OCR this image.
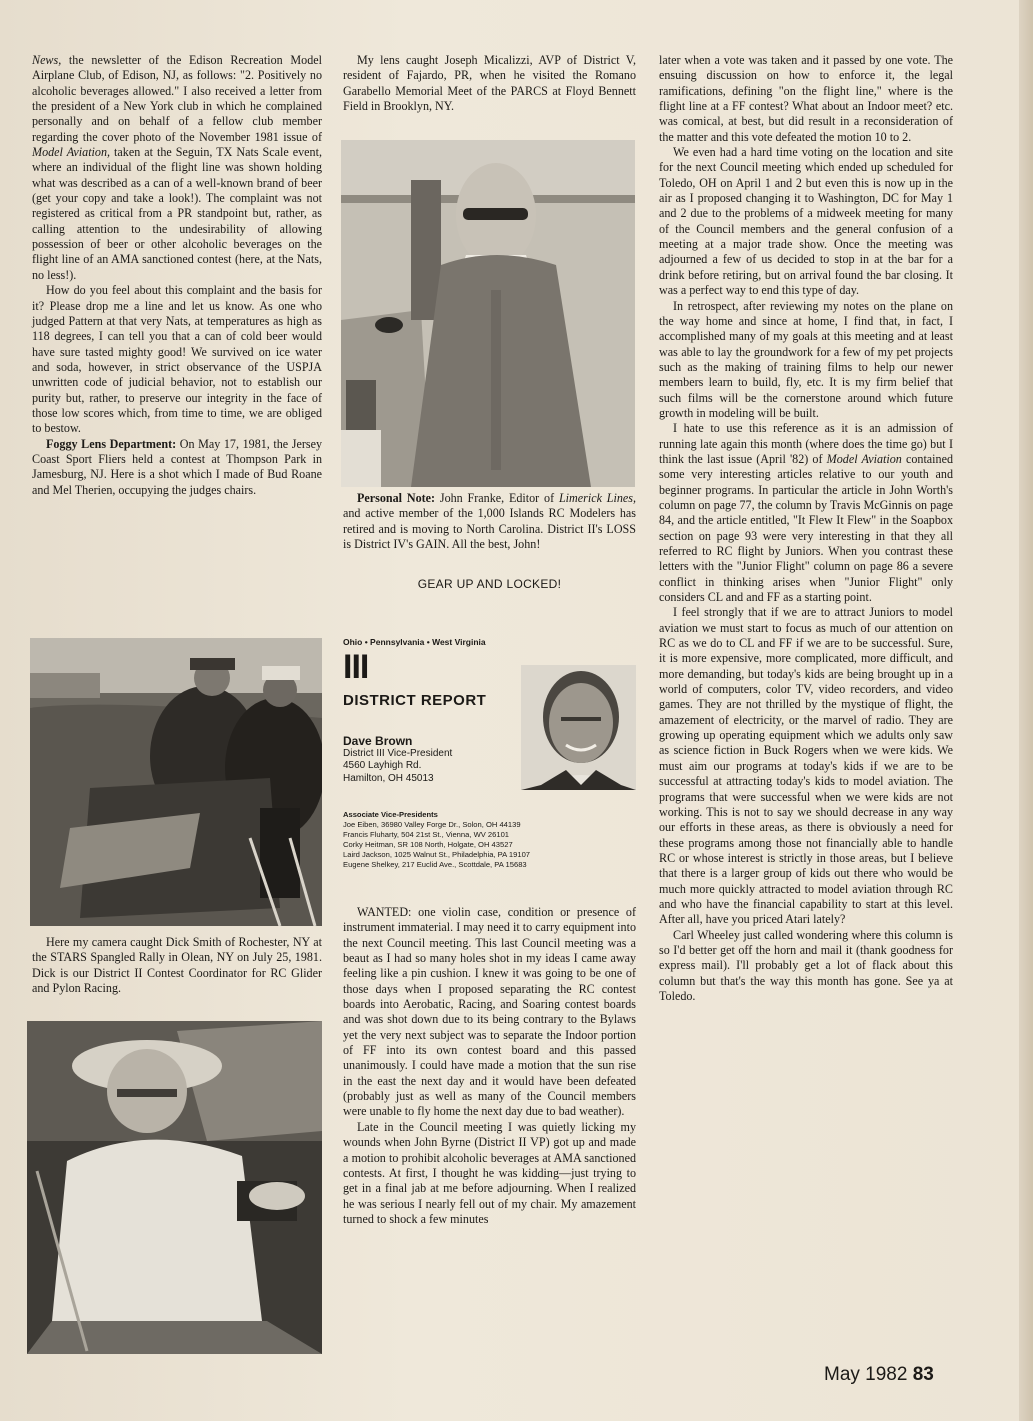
News, the newsletter of the Edison Recreation Model Airplane Club, of Edison, NJ, as follows: "2. Positively no alcoholic beverages allowed." I also received a letter from the president of a New York club in which he complained personally and on behalf of a fellow club member regarding the cover photo of the November 1981 issue of Model Aviation, taken at the Seguin, TX Nats Scale event, where an individual of the flight line was shown holding what was described as a can of a well-known brand of beer (get your copy and take a look!). The complaint was not registered as critical from a PR standpoint but, rather, as calling attention to the undesirability of allowing possession of beer or other alcoholic beverages on the flight line of an AMA sanctioned contest (here, at the Nats, no less!).

How do you feel about this complaint and the basis for it? Please drop me a line and let us know. As one who judged Pattern at that very Nats, at temperatures as high as 118 degrees, I can tell you that a can of cold beer would have sure tasted mighty good! We survived on ice water and soda, however, in strict observance of the USPJA unwritten code of judicial behavior, not to establish our purity but, rather, to preserve our integrity in the face of those low scores which, from time to time, we are obliged to bestow.

Foggy Lens Department: On May 17, 1981, the Jersey Coast Sport Fliers held a contest at Thompson Park in Jamesburg, NJ. Here is a shot which I made of Bud Roane and Mel Therien, occupying the judges chairs.

Here my camera caught Dick Smith of Rochester, NY at the STARS Spangled Rally in Olean, NY on July 25, 1981. Dick is our District II Contest Coordinator for RC Glider and Pylon Racing.

My lens caught Joseph Micalizzi, AVP of District V, resident of Fajardo, PR, when he visited the Romano Garabello Memorial Meet of the PARCS at Floyd Bennett Field in Brooklyn, NY.

Personal Note: John Franke, Editor of Limerick Lines, and active member of the 1,000 Islands RC Modelers has retired and is moving to North Carolina. District II's LOSS is District IV's GAIN. All the best, John!

GEAR UP AND LOCKED!
Ohio • Pennsylvania • West Virginia
III
DISTRICT REPORT
Dave Brown
District III Vice-President
4560 Layhigh Rd.
Hamilton, OH 45013
Associate Vice-Presidents
Joe Eiben, 36980 Valley Forge Dr., Solon, OH 44139
Francis Fluharty, 504 21st St., Vienna, WV 26101
Corky Heitman, SR 108 North, Holgate, OH 43527
Laird Jackson, 1025 Walnut St., Philadelphia, PA 19107
Eugene Shelkey, 217 Euclid Ave., Scottdale, PA 15683

WANTED: one violin case, condition or presence of instrument immaterial. I may need it to carry equipment into the next Council meeting. This last Council meeting was a beaut as I had so many holes shot in my ideas I came away feeling like a pin cushion. I knew it was going to be one of those days when I proposed separating the RC contest boards into Aerobatic, Racing, and Soaring contest boards and was shot down due to its being contrary to the Bylaws yet the very next subject was to separate the Indoor portion of FF into its own contest board and this passed unanimously. I could have made a motion that the sun rise in the east the next day and it would have been defeated (probably just as well as many of the Council members were unable to fly home the next day due to bad weather).

Late in the Council meeting I was quietly licking my wounds when John Byrne (District II VP) got up and made a motion to prohibit alcoholic beverages at AMA sanctioned contests. At first, I thought he was kidding—just trying to get in a final jab at me before adjourning. When I realized he was serious I nearly fell out of my chair. My amazement turned to shock a few minutes

later when a vote was taken and it passed by one vote. The ensuing discussion on how to enforce it, the legal ramifications, defining "on the flight line," where is the flight line at a FF contest? What about an Indoor meet? etc. was comical, at best, but did result in a reconsideration of the matter and this vote defeated the motion 10 to 2.

We even had a hard time voting on the location and site for the next Council meeting which ended up scheduled for Toledo, OH on April 1 and 2 but even this is now up in the air as I proposed changing it to Washington, DC for May 1 and 2 due to the problems of a midweek meeting for many of the Council members and the general confusion of a meeting at a major trade show. Once the meeting was adjourned a few of us decided to stop in at the bar for a drink before retiring, but on arrival found the bar closing. It was a perfect way to end this type of day.

In retrospect, after reviewing my notes on the plane on the way home and since at home, I find that, in fact, I accomplished many of my goals at this meeting and at least was able to lay the groundwork for a few of my pet projects such as the making of training films to help our newer members learn to build, fly, etc. It is my firm belief that such films will be the cornerstone around which future growth in modeling will be built.

I hate to use this reference as it is an admission of running late again this month (where does the time go) but I think the last issue (April '82) of Model Aviation contained some very interesting articles relative to our youth and beginner programs. In particular the article in John Worth's column on page 77, the column by Travis McGinnis on page 84, and the article entitled, "It Flew It Flew" in the Soapbox section on page 93 were very interesting in that they all referred to RC flight by Juniors. When you contrast these letters with the "Junior Flight" column on page 86 a severe conflict in thinking arises when "Junior Flight" only considers CL and and FF as a starting point.

I feel strongly that if we are to attract Juniors to model aviation we must start to focus as much of our attention on RC as we do to CL and FF if we are to be successful. Sure, it is more expensive, more complicated, more difficult, and more demanding, but today's kids are being brought up in a world of computers, color TV, video recorders, and video games. They are not thrilled by the mystique of flight, the amazement of electricity, or the marvel of radio. They are growing up operating equipment which we adults only saw as science fiction in Buck Rogers when we were kids. We must aim our programs at today's kids if we are to be successful at attracting today's kids to model aviation. The programs that were successful when we were kids are not working. This is not to say we should decrease in any way our efforts in these areas, as there is obviously a need for these programs among those not financially able to handle RC or whose interest is strictly in those areas, but I believe that there is a larger group of kids out there who would be much more quickly attracted to model aviation through RC and who have the financial capability to start at this level. After all, have you priced Atari lately?

Carl Wheeley just called wondering where this column is so I'd better get off the horn and mail it (thank goodness for express mail). I'll probably get a lot of flack about this column but that's the way this month has gone. See ya at Toledo.

May 1982 83
